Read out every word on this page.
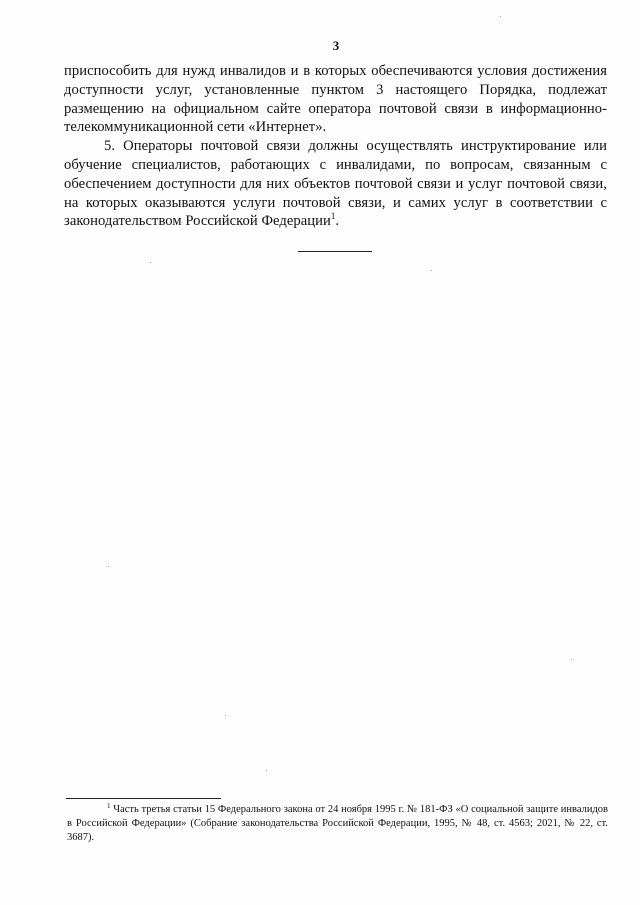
3

приспособить для нужд инвалидов и в которых обеспечиваются условия достижения доступности услуг, установленные пунктом 3 настоящего Порядка, подлежат размещению на официальном сайте оператора почтовой связи в информационно-телекоммуникационной сети «Интернет».

5. Операторы почтовой связи должны осуществлять инструктирование или обучение специалистов, работающих с инвалидами, по вопросам, связанным с обеспечением доступности для них объектов почтовой связи и услуг почтовой связи, на которых оказываются услуги почтовой связи, и самих услуг в соответствии с законодательством Российской Федерации$^1$.

$^1$ Часть третья статьи 15 Федерального закона от 24 ноября 1995 г. № 181-ФЗ «О социальной защите инвалидов в Российской Федерации» (Собрание законодательства Российской Федерации, 1995, № 48, ст. 4563; 2021, № 22, ст. 3687).
